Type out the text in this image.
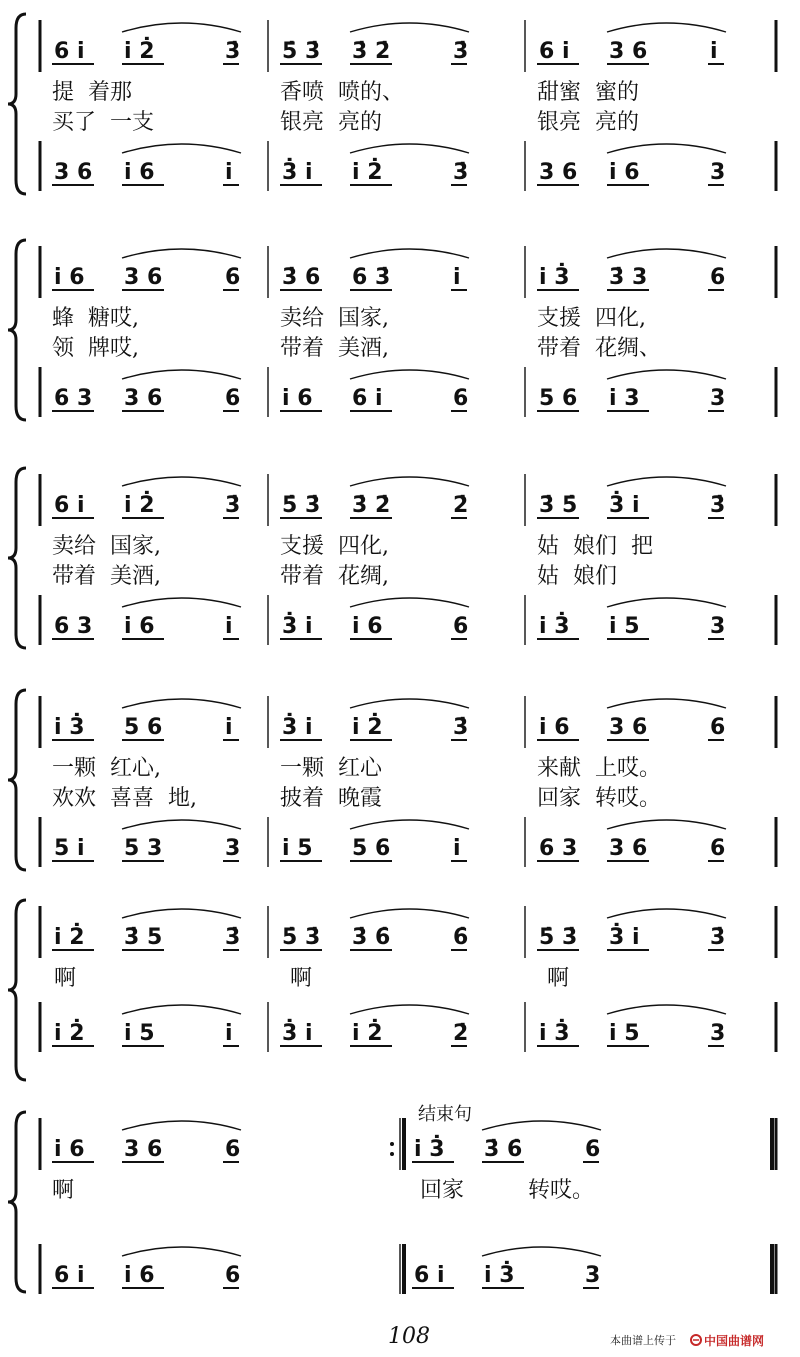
6 i i 2̇	3̇ 5̇ 3̇ 3̇ 2̇	3̇	6 i 3 6	i
3 6 i 6	i 3̇ i i 2̇	3̇	3 6 i 6	3
提  着那	香喷  喷的、	甜蜜  蜜的
买了  一支	银亮  亮的	银亮  亮的
i 6 3 6	6 3̇ 6 6 3̇	i	i 3̇ 3̇ 3	6
6 3 3 6	6 i 6 6 i	6	5 6 i 3	3
蜂  糖哎,	卖给  国家,	支援  四化,
领  牌哎,	带着  美酒,	带着  花绸、
6 i i 2̇	3̇ 5̇ 3̇ 3̇ 2̇	2̇	3̇ 5̇ 3̇ i	3̇
6 3 i 6	i 3̇ i i 6	6	i 3̇ i 5	3
卖给  国家,	支援  四化,	姑  娘们  把
带着  美酒,	带着  花绸,	姑  娘们
i 3̇ 5 6	i 3̇ i i 2̇	3̇	i 6 3 6	6
5 i 5 3	3 i 5 5 6	i	6 3 3 6	6
一颗  红心,	一颗  红心	来献  上哎。
欢欢  喜喜  地,	披着  晚霞	回家  转哎。
i 2̇ 3̇ 5	3̇ 5̇ 3̇ 3̇ 6̇	6̇	5̇ 3̇ 3̇ i	3̇
i 2̇ i 5	i 3̇ i i 2̇	2̇	i 3̇ i 5	3
啊	啊	啊
i 6 3 6	6	i 3̇ 3̇ 6̇	6
6 i i 6	6	6 i i 3̇	3
啊	回家	转哎。
结束句
108	本曲谱上传于 中国曲谱网
